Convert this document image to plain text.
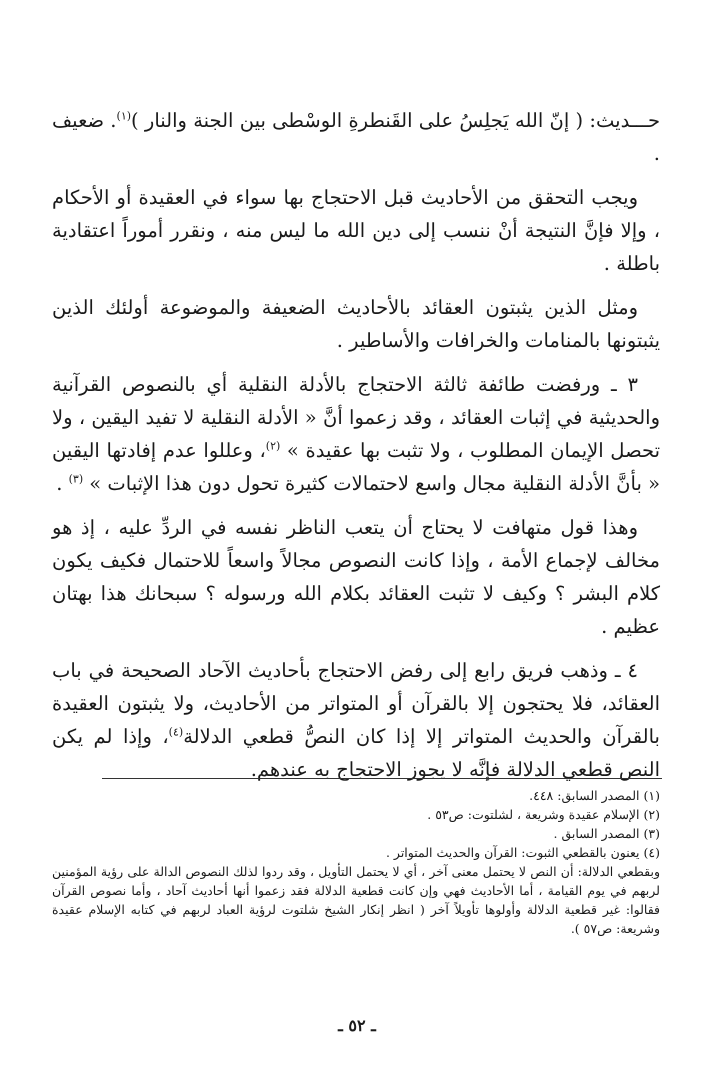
حـــديث: ( إنّ الله يَجلِسُ على القَنطرةِ الوسْطى بين الجنة والنار )$^{(١)}$. ضعيف .

ويجب التحقق من الأحاديث قبل الاحتجاج بها سواء في العقيدة أو الأحكام ، وإلا فإنَّ النتيجة أنْ ننسب إلى دين الله ما ليس منه ، ونقرر أموراً اعتقادية باطلة .

ومثل الذين يثبتون العقائد بالأحاديث الضعيفة والموضوعة أولئك الذين يثبتونها بالمنامات والخرافات والأساطير .

٣ ـ ورفضت طائفة ثالثة الاحتجاج بالأدلة النقلية أي بالنصوص القرآنية والحديثية في إثبات العقائد ، وقد زعموا أنَّ « الأدلة النقلية لا تفيد اليقين ، ولا تحصل الإيمان المطلوب ، ولا تثبت بها عقيدة » $^{(٢)}$، وعللوا عدم إفادتها اليقين « بأنَّ الأدلة النقلية مجال واسع لاحتمالات كثيرة تحول دون هذا الإثبات » $^{(٣)}$ .

وهذا قول متهافت لا يحتاج أن يتعب الناظر نفسه في الردِّ عليه ، إذ هو مخالف لإجماع الأمة ، وإذا كانت النصوص مجالاً واسعاً للاحتمال فكيف يكون كلام البشر ؟ وكيف لا تثبت العقائد بكلام الله ورسوله ؟ سبحانك هذا بهتان عظيم .

٤ ـ وذهب فريق رابع إلى رفض الاحتجاج بأحاديث الآحاد الصحيحة في باب العقائد، فلا يحتجون إلا بالقرآن أو المتواتر من الأحاديث، ولا يثبتون العقيدة بالقرآن والحديث المتواتر إلا إذا كان النصُّ قطعي الدلالة$^{(٤)}$، وإذا لم يكن النص قطعي الدلالة فإنَّه لا يجوز الاحتجاج به عندهم.

(١) المصدر السابق: ٤٤٨.

(٢) الإسلام عقيدة وشريعة ، لشلتوت: ص٥٣ .

(٣) المصدر السابق .

(٤) يعنون بالقطعي الثبوت: القرآن والحديث المتواتر .

وبقطعي الدلالة: أن النص لا يحتمل معنى آخر ، أي لا يحتمل التأويل ، وقد ردوا لذلك النصوص الدالة على رؤية المؤمنين لربهم في يوم القيامة ، أما الأحاديث فهي وإن كانت قطعية الدلالة فقد زعموا أنها أحاديث آحاد ، وأما نصوص القرآن فقالوا: غير قطعية الدلالة وأولوها تأويلاً آخر ( انظر إنكار الشيخ شلتوت لرؤية العباد لربهم في كتابه الإسلام عقيدة وشريعة: ص٥٧ ).

ـ ٥٢ ـ
